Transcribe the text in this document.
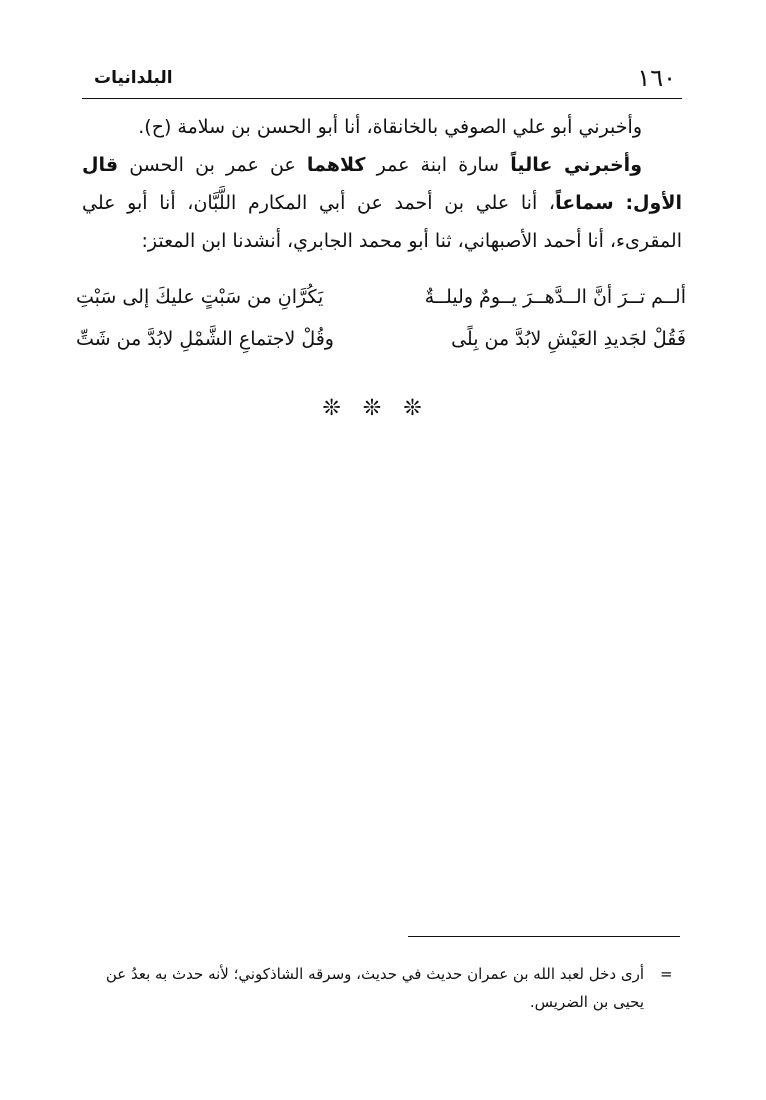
١٦٠
البلدانيات

وأخبرني أبو علي الصوفي بالخانقاة، أنا أبو الحسن بن سلامة (ح).

وأخبرني عالياً سارة ابنة عمر كلاهما عن عمر بن الحسن قال الأول: سماعاً، أنا علي بن أحمد عن أبي المكارم اللَّبَّان، أنا أبو علي المقرىء، أنا أحمد الأصبهاني، ثنا أبو محمد الجابري، أنشدنا ابن المعتز:

ألــم تــرَ أنَّ الــدَّهــرَ يــومٌ وليلــةٌ
يَكُرَّانِ من سَبْتٍ عليكَ إلى سَبْتِ
فَقُلْ لجَديدِ العَيْشِ لابُدَّ من بِلًى
وقُلْ لاجتماعِ الشَّمْلِ لابُدَّ من شَتِّ
❊❊❊
=

أرى دخل لعبد الله بن عمران حديث في حديث، وسرقه الشاذكوني؛ لأنه حدث به بعدُ عن

يحيى بن الضريس.
